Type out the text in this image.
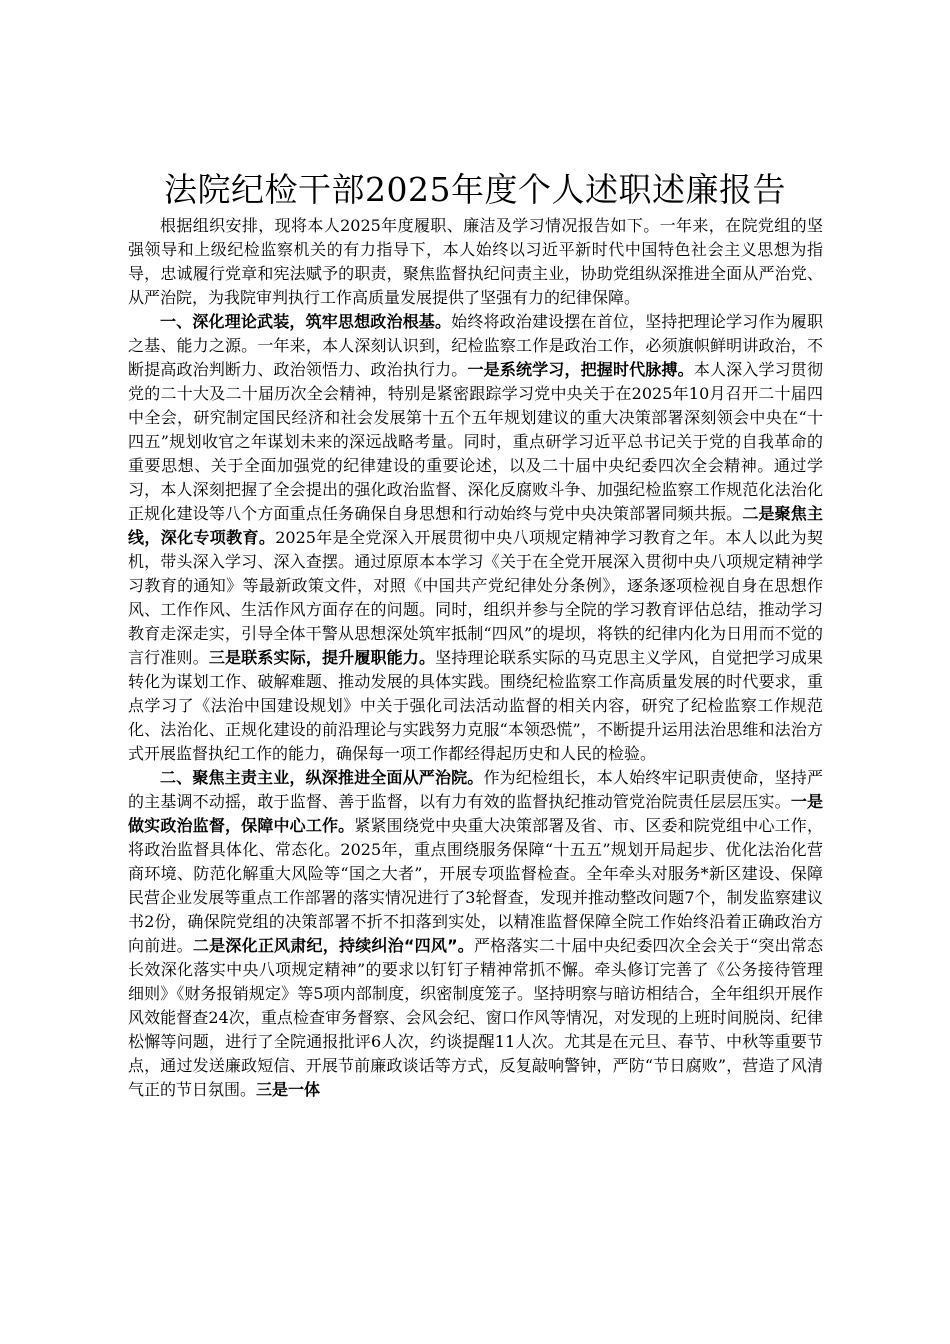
法院纪检干部2025年度个人述职述廉报告

根据组织安排，现将本人2025年度履职、廉洁及学习情况报告如下。一年来，在院党组的坚强领导和上级纪检监察机关的有力指导下，本人始终以习近平新时代中国特色社会主义思想为指导，忠诚履行党章和宪法赋予的职责，聚焦监督执纪问责主业，协助党组纵深推进全面从严治党、从严治院，为我院审判执行工作高质量发展提供了坚强有力的纪律保障。

一、深化理论武装，筑牢思想政治根基。始终将政治建设摆在首位，坚持把理论学习作为履职之基、能力之源。一年来，本人深刻认识到，纪检监察工作是政治工作，必须旗帜鲜明讲政治，不断提高政治判断力、政治领悟力、政治执行力。一是系统学习，把握时代脉搏。本人深入学习贯彻党的二十大及二十届历次全会精神，特别是紧密跟踪学习党中央关于在2025年10月召开二十届四中全会，研究制定国民经济和社会发展第十五个五年规划建议的重大决策部署深刻领会中央在“十四五”规划收官之年谋划未来的深远战略考量。同时，重点研学习近平总书记关于党的自我革命的重要思想、关于全面加强党的纪律建设的重要论述，以及二十届中央纪委四次全会精神。通过学习，本人深刻把握了全会提出的强化政治监督、深化反腐败斗争、加强纪检监察工作规范化法治化正规化建设等八个方面重点任务确保自身思想和行动始终与党中央决策部署同频共振。二是聚焦主线，深化专项教育。2025年是全党深入开展贯彻中央八项规定精神学习教育之年。本人以此为契机，带头深入学习、深入查摆。通过原原本本学习《关于在全党开展深入贯彻中央八项规定精神学习教育的通知》等最新政策文件，对照《中国共产党纪律处分条例》，逐条逐项检视自身在思想作风、工作作风、生活作风方面存在的问题。同时，组织并参与全院的学习教育评估总结，推动学习教育走深走实，引导全体干警从思想深处筑牢抵制“四风”的堤坝，将铁的纪律内化为日用而不觉的言行准则。三是联系实际，提升履职能力。坚持理论联系实际的马克思主义学风，自觉把学习成果转化为谋划工作、破解难题、推动发展的具体实践。围绕纪检监察工作高质量发展的时代要求，重点学习了《法治中国建设规划》中关于强化司法活动监督的相关内容，研究了纪检监察工作规范化、法治化、正规化建设的前沿理论与实践努力克服“本领恐慌”，不断提升运用法治思维和法治方式开展监督执纪工作的能力，确保每一项工作都经得起历史和人民的检验。

二、聚焦主责主业，纵深推进全面从严治院。作为纪检组长，本人始终牢记职责使命，坚持严的主基调不动摇，敢于监督、善于监督，以有力有效的监督执纪推动管党治院责任层层压实。一是做实政治监督，保障中心工作。紧紧围绕党中央重大决策部署及省、市、区委和院党组中心工作，将政治监督具体化、常态化。2025年，重点围绕服务保障“十五五”规划开局起步、优化法治化营商环境、防范化解重大风险等“国之大者”，开展专项监督检查。全年牵头对服务*新区建设、保障民营企业发展等重点工作部署的落实情况进行了3轮督查，发现并推动整改问题7个，制发监察建议书2份，确保院党组的决策部署不折不扣落到实处，以精准监督保障全院工作始终沿着正确政治方向前进。二是深化正风肃纪，持续纠治“四风”。严格落实二十届中央纪委四次全会关于“突出常态长效深化落实中央八项规定精神”的要求以钉钉子精神常抓不懈。牵头修订完善了《公务接待管理细则》《财务报销规定》等5项内部制度，织密制度笼子。坚持明察与暗访相结合，全年组织开展作风效能督查24次，重点检查审务督察、会风会纪、窗口作风等情况，对发现的上班时间脱岗、纪律松懈等问题，进行了全院通报批评6人次，约谈提醒11人次。尤其是在元旦、春节、中秋等重要节点，通过发送廉政短信、开展节前廉政谈话等方式，反复敲响警钟，严防“节日腐败”，营造了风清气正的节日氛围。三是一体
